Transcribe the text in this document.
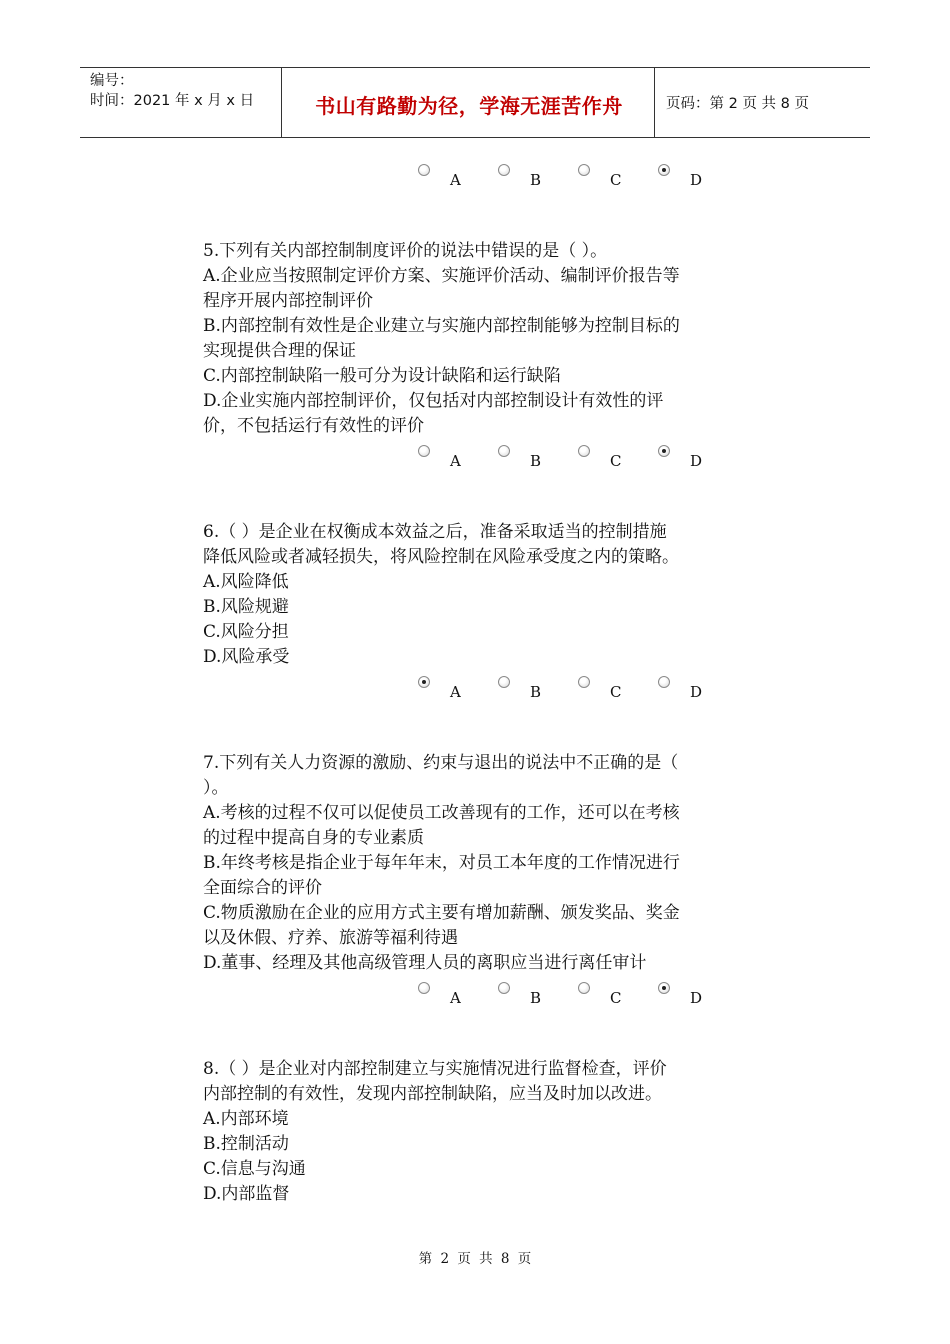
编号：
时间：2021 年 x 月 x 日	书山有路勤为径，学海无涯苦作舟	页码：第 2 页 共 8 页
A	B	C	D
5.下列有关内部控制制度评价的说法中错误的是（ ）。
A.企业应当按照制定评价方案、实施评价活动、编制评价报告等
程序开展内部控制评价
B.内部控制有效性是企业建立与实施内部控制能够为控制目标的
实现提供合理的保证
C.内部控制缺陷一般可分为设计缺陷和运行缺陷
D.企业实施内部控制评价，仅包括对内部控制设计有效性的评
价，不包括运行有效性的评价
A	B	C	D
6.（ ）是企业在权衡成本效益之后，准备采取适当的控制措施
降低风险或者减轻损失，将风险控制在风险承受度之内的策略。
A.风险降低
B.风险规避
C.风险分担
D.风险承受
A	B	C	D
7.下列有关人力资源的激励、约束与退出的说法中不正确的是（
）。
A.考核的过程不仅可以促使员工改善现有的工作，还可以在考核
的过程中提高自身的专业素质
B.年终考核是指企业于每年年末，对员工本年度的工作情况进行
全面综合的评价
C.物质激励在企业的应用方式主要有增加薪酬、颁发奖品、奖金
以及休假、疗养、旅游等福利待遇
D.董事、经理及其他高级管理人员的离职应当进行离任审计
A	B	C	D
8.（ ）是企业对内部控制建立与实施情况进行监督检查，评价
内部控制的有效性，发现内部控制缺陷，应当及时加以改进。
A.内部环境
B.控制活动
C.信息与沟通
D.内部监督
第 2 页 共 8 页
